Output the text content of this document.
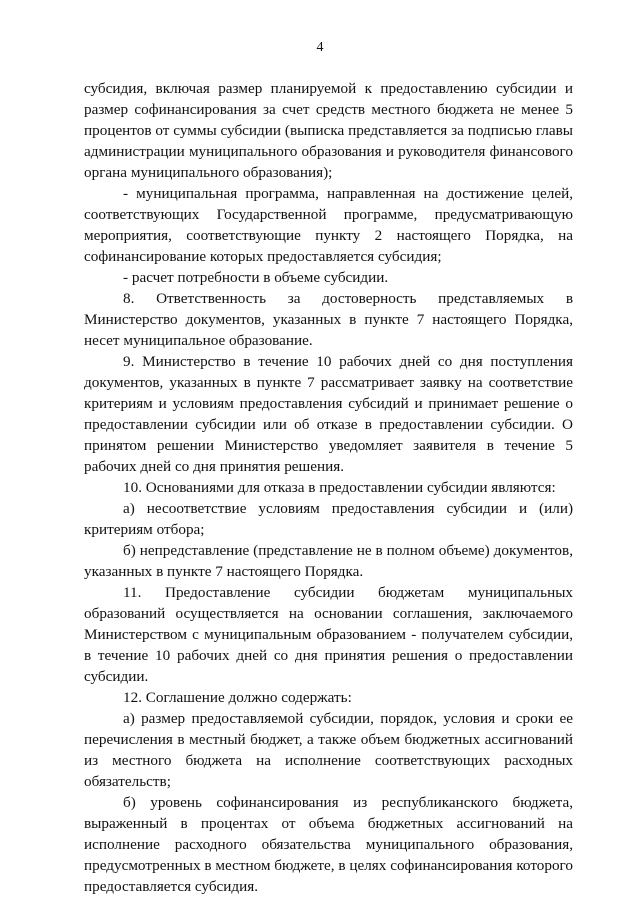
4

субсидия, включая размер планируемой к предоставлению субсидии и размер софинансирования за счет средств местного бюджета не менее 5 процентов от суммы субсидии (выписка представляется за подписью главы администрации муниципального образования и руководителя финансового органа муниципального образования);

- муниципальная программа, направленная на достижение целей, соответствующих Государственной программе, предусматривающую мероприятия, соответствующие пункту 2 настоящего Порядка, на софинансирование которых предоставляется субсидия;

- расчет потребности в объеме субсидии.

8. Ответственность за достоверность представляемых в Министерство документов, указанных в пункте 7 настоящего Порядка, несет муниципальное образование.

9. Министерство в течение 10 рабочих дней со дня поступления документов, указанных в пункте 7 рассматривает заявку на соответствие критериям и условиям предоставления субсидий и принимает решение о предоставлении субсидии или об отказе в предоставлении субсидии. О принятом решении Министерство уведомляет заявителя в течение 5 рабочих дней со дня принятия решения.

10. Основаниями для отказа в предоставлении субсидии являются:

а) несоответствие условиям предоставления субсидии и (или) критериям отбора;

б) непредставление (представление не в полном объеме) документов, указанных в пункте 7 настоящего Порядка.

11. Предоставление субсидии бюджетам муниципальных образований осуществляется на основании соглашения, заключаемого Министерством с муниципальным образованием - получателем субсидии, в течение 10 рабочих дней со дня принятия решения о предоставлении субсидии.

12. Соглашение должно содержать:

а) размер предоставляемой субсидии, порядок, условия и сроки ее перечисления в местный бюджет, а также объем бюджетных ассигнований из местного бюджета на исполнение соответствующих расходных обязательств;

б) уровень софинансирования из республиканского бюджета, выраженный в процентах от объема бюджетных ассигнований на исполнение расходного обязательства муниципального образования, предусмотренных в местном бюджете, в целях софинансирования которого предоставляется субсидия.
